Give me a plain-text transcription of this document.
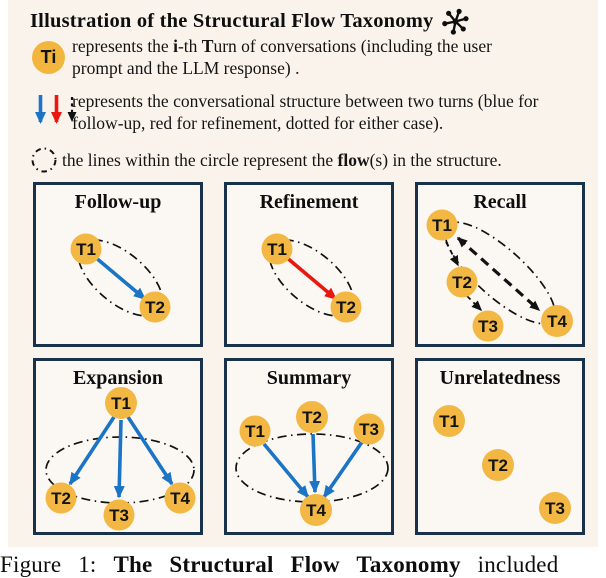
Illustration of the Structural Flow Taxonomy
Ti
represents the i-th Turn of conversations (including the user prompt and the LLM response) .
represents the conversational structure between two turns (blue for follow-up, red for refinement, dotted for either case).
the lines within the circle represent the flow(s) in the structure.
Follow-up
T1
T2
Refinement
T1
T2
Recall
T1
T2
T3	T4
Expansion
T1
T2
T3
T4
Summary
T1
T2
T3
T4
Unrelatedness
T1
T2
T3
Figure 1: The Structural Flow Taxonomy included
